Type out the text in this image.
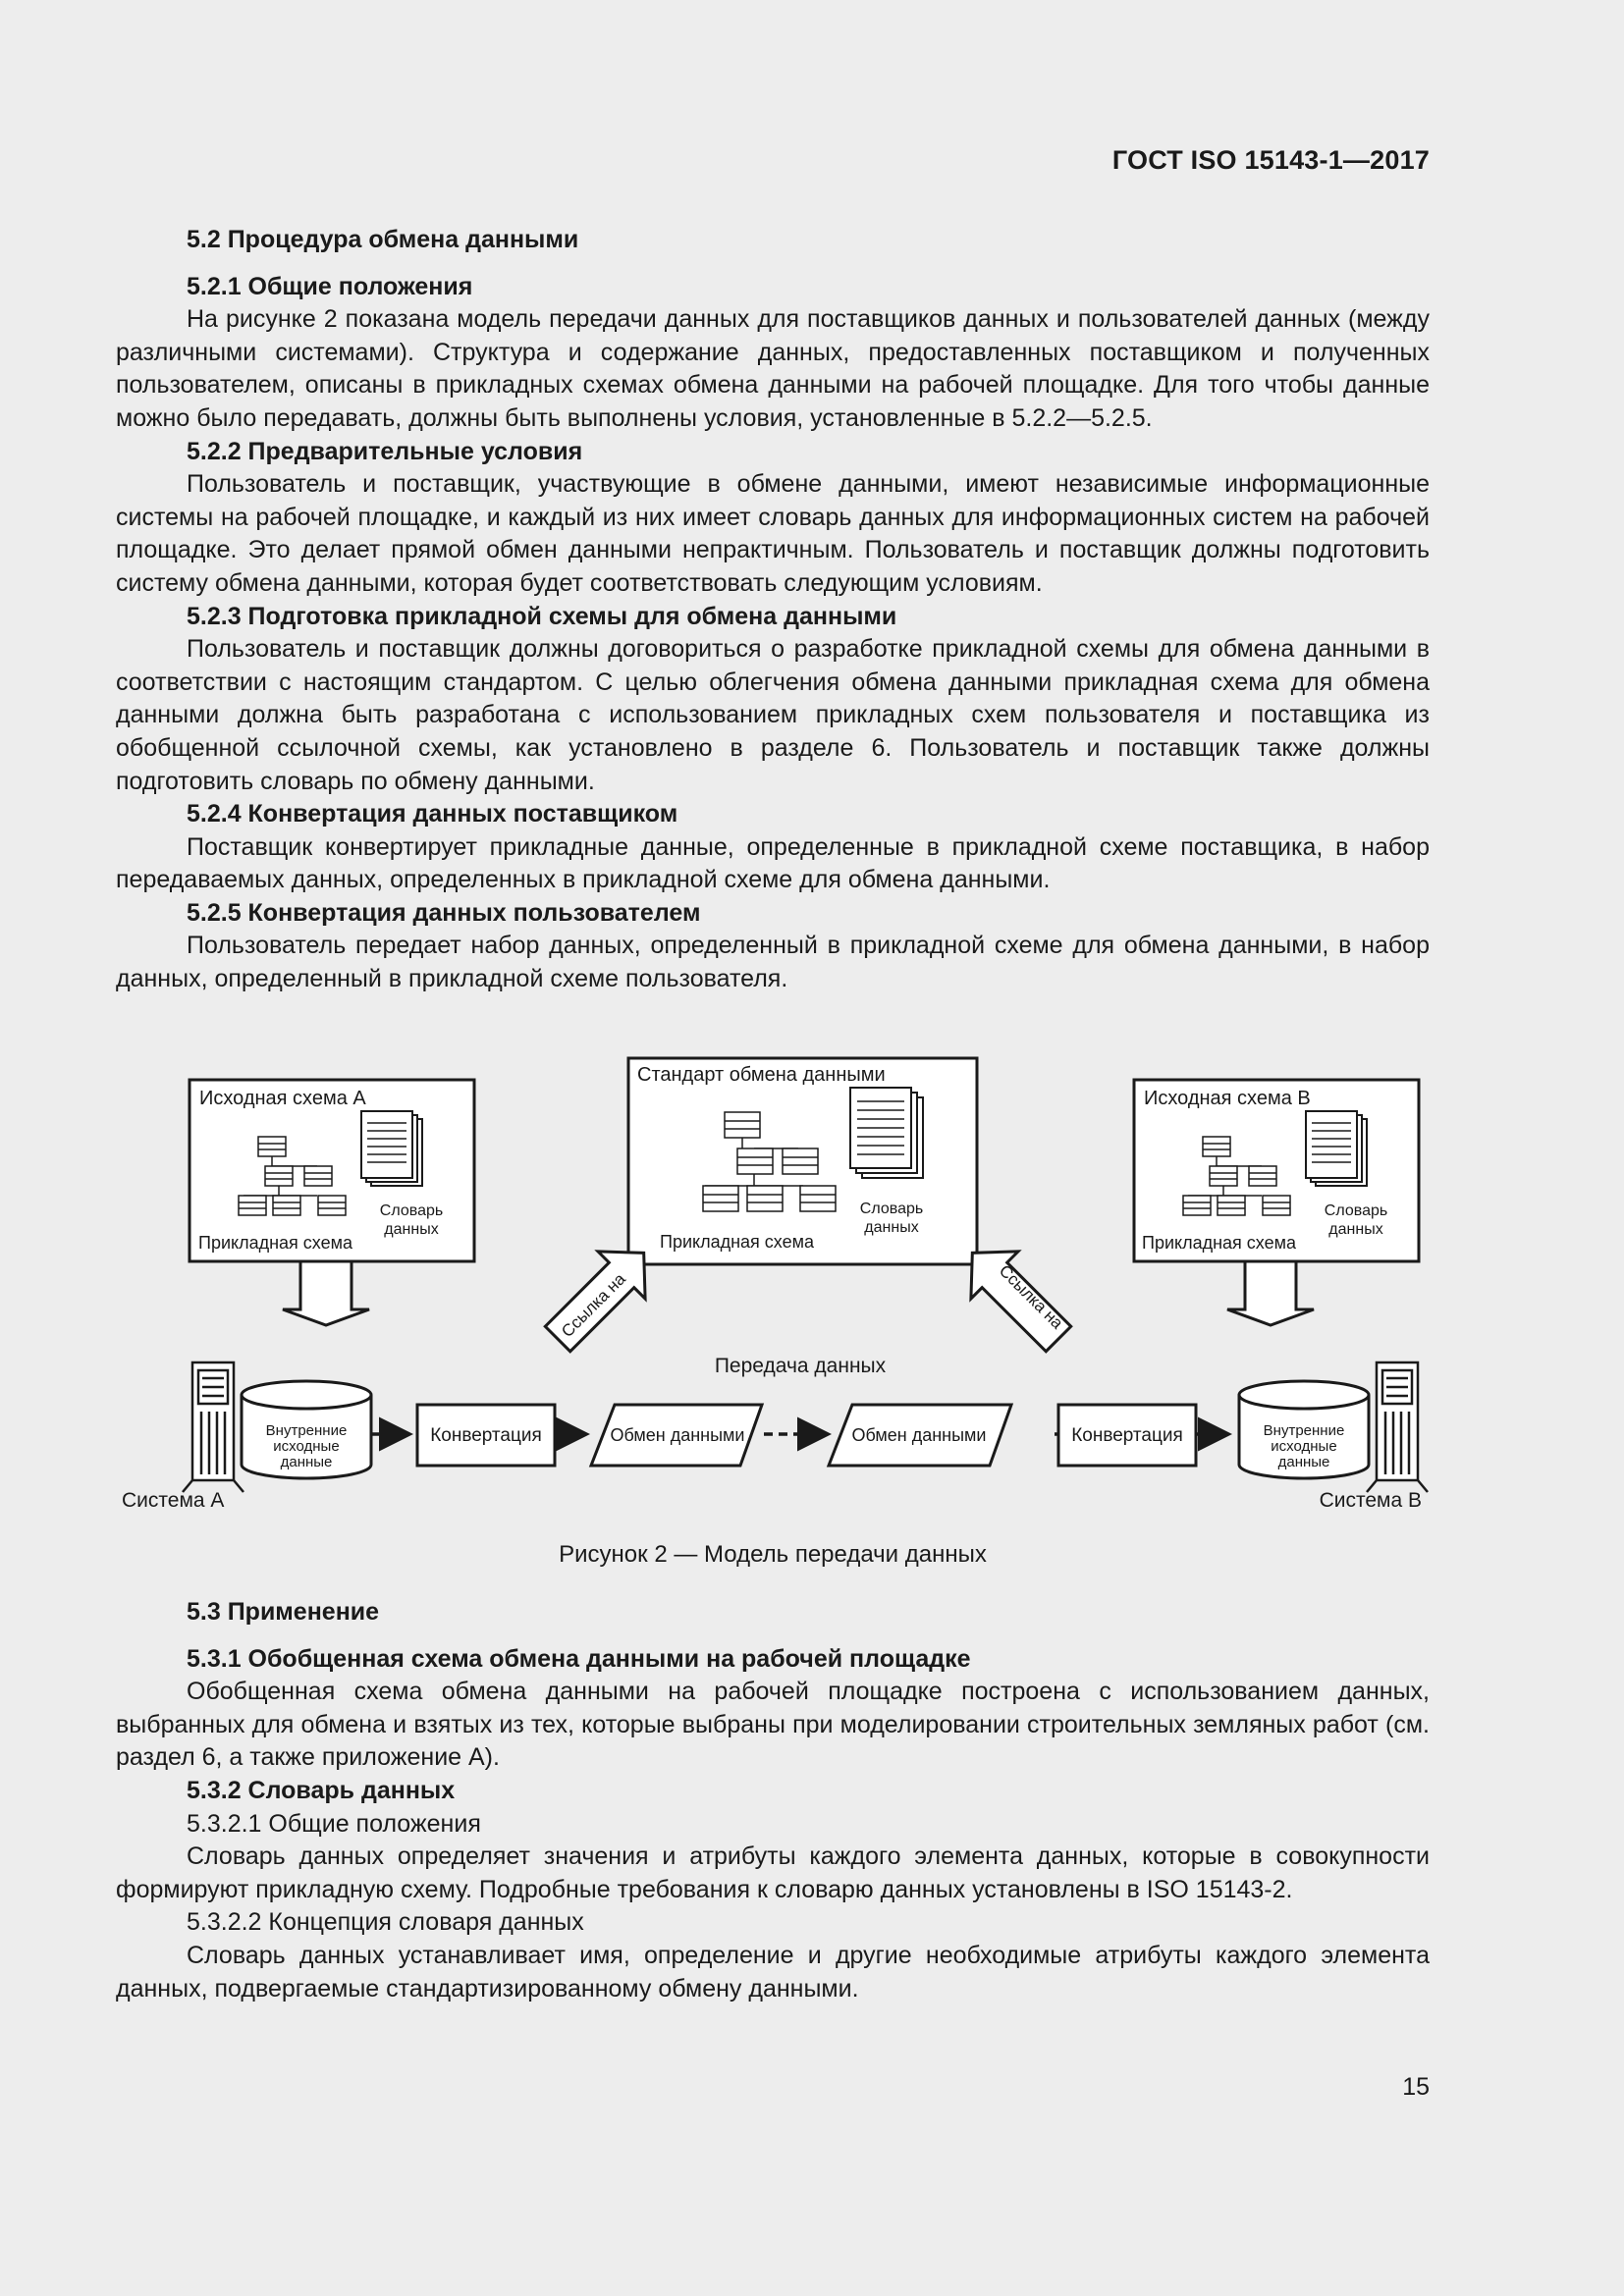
ГОСТ ISO 15143-1—2017
5.2 Процедура обмена данными
5.2.1 Общие положения

На рисунке 2 показана модель передачи данных для поставщиков данных и пользователей данных (между различными системами). Структура и содержание данных, предоставленных поставщиком и полученных пользователем, описаны в прикладных схемах обмена данными на рабочей площадке. Для того чтобы данные можно было передавать, должны быть выполнены условия, установленные в 5.2.2—5.2.5.

5.2.2 Предварительные условия

Пользователь и поставщик, участвующие в обмене данными, имеют независимые информационные системы на рабочей площадке, и каждый из них имеет словарь данных для информационных систем на рабочей площадке. Это делает прямой обмен данными непрактичным. Пользователь и поставщик должны подготовить систему обмена данными, которая будет соответствовать следующим условиям.

5.2.3 Подготовка прикладной схемы для обмена данными

Пользователь и поставщик должны договориться о разработке прикладной схемы для обмена данными в соответствии с настоящим стандартом. С целью облегчения обмена данными прикладная схема для обмена данными должна быть разработана с использованием прикладных схем пользователя и поставщика из обобщенной ссылочной схемы, как установлено в разделе 6. Пользователь и поставщик также должны подготовить словарь по обмену данными.

5.2.4 Конвертация данных поставщиком

Поставщик конвертирует прикладные данные, определенные в прикладной схеме поставщика, в набор передаваемых данных, определенных в прикладной схеме для обмена данными.

5.2.5 Конвертация данных пользователем

Пользователь передает набор данных, определенный в прикладной схеме для обмена данными, в набор данных, определенный в прикладной схеме пользователя.

Исходная схема A
Словарь
данных
Прикладная схема
Стандарт обмена данными
Словарь
данных
Прикладная схема
Исходная схема B
Словарь
данных
Прикладная схема
Ссылка на	Ссылка на
Передача данных
Внутренние
исходные
данные
Конвертация	Обмен данными	Обмен данными	Конвертация	Внутренние
исходные
данные
Система A	Система B
Рисунок 2 — Модель передачи данных
5.3 Применение
5.3.1 Обобщенная схема обмена данными на рабочей площадке

Обобщенная схема обмена данными на рабочей площадке построена с использованием данных, выбранных для обмена и взятых из тех, которые выбраны при моделировании строительных земляных работ (см. раздел 6, а также приложение A).

5.3.2 Словарь данных
5.3.2.1 Общие положения

Словарь данных определяет значения и атрибуты каждого элемента данных, которые в совокупности формируют прикладную схему. Подробные требования к словарю данных установлены в ISO 15143-2.

5.3.2.2 Концепция словаря данных

Словарь данных устанавливает имя, определение и другие необходимые атрибуты каждого элемента данных, подвергаемые стандартизированному обмену данными.

15
